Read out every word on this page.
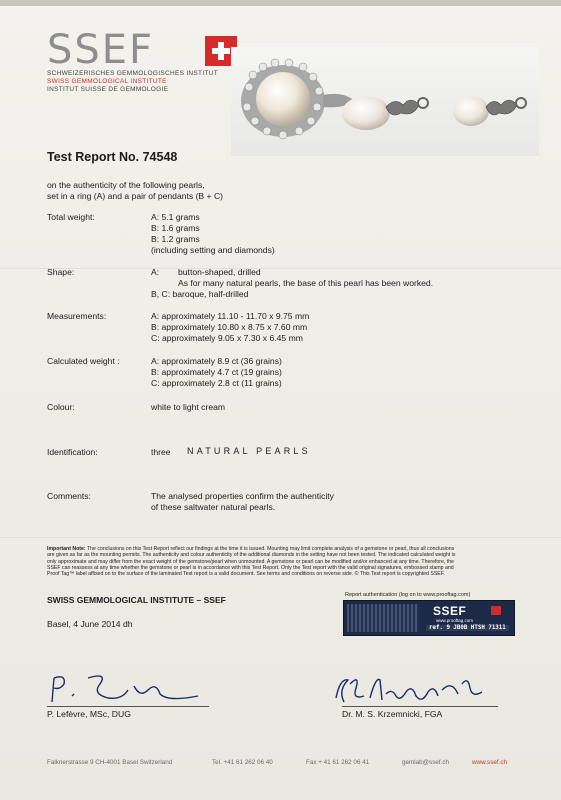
SSEF
SCHWEIZERISCHES GEMMOLOGISCHES INSTITUT
SWISS GEMMOLOGICAL INSTITUTE
INSTITUT SUISSE DE GEMMOLOGIE
Test Report No. 74548
on the authenticity of the following pearls,
set in a ring (A) and a pair of pendants (B + C)
Total weight:	A: 5.1 grams
B: 1.6 grams
B: 1.2 grams
(including setting and diamonds)
Shape:	A: button-shaped, drilled
As for many natural pearls, the base of this pearl has been worked.
B, C: baroque, half-drilled
Measurements:	A: approximately 11.10 - 11.70 x 9.75 mm
B: approximately 10.80 x 8.75 x 7.60 mm
C: approximately 9.05 x 7.30 x 6.45 mm
Calculated weight :	A: approximately 8.9 ct (36 grains)
B: approximately 4.7 ct (19 grains)
C: approximately 2.8 ct (11 grains)
Colour:	white to light cream
Identification:	three NATURAL PEARLS
Comments:	The analysed properties confirm the authenticity
of these saltwater natural pearls.
Important Note: The conclusions on this Test Report reflect our findings at the time it is issued. Mounting may limit complete analysis of a gemstone or pearl, thus all conclusions
are given as far as the mounting permits. The authenticity and colour authenticity of the additional diamonds in the setting have not been tested. The indicated calculated weight is
only approximate and may differ from the exact weight of the gemstone/pearl when unmounted. A gemstone or pearl can be modified and/or enhanced at any time. Therefore, the
SSEF can reassess at any time whether the gemstone or pearl is in accordance with this Test Report. Only the Test report with the valid original signatures, embossed stamp and
Proof Tag™ label affixed on to the surface of the laminated Test report is a valid document. See terms and conditions on reverse side. © This Test report is copyrighted SSEF.
SWISS GEMMOLOGICAL INSTITUTE – SSEF
Basel, 4 June 2014 dh
Report authentication (log on to www.prooftag.com)
SSEF
www.prooftag.com
ref. 9 JB0B HTSH 71311
P. Lefèvre, MSc, DUG	Dr. M. S. Krzemnicki, FGA
Falknerstrasse 9 CH-4001 Basel Switzerland	Tel. +41 61 262 06 40	Fax + 41 61 262 06 41	gemlab@ssef.ch	www.ssef.ch
